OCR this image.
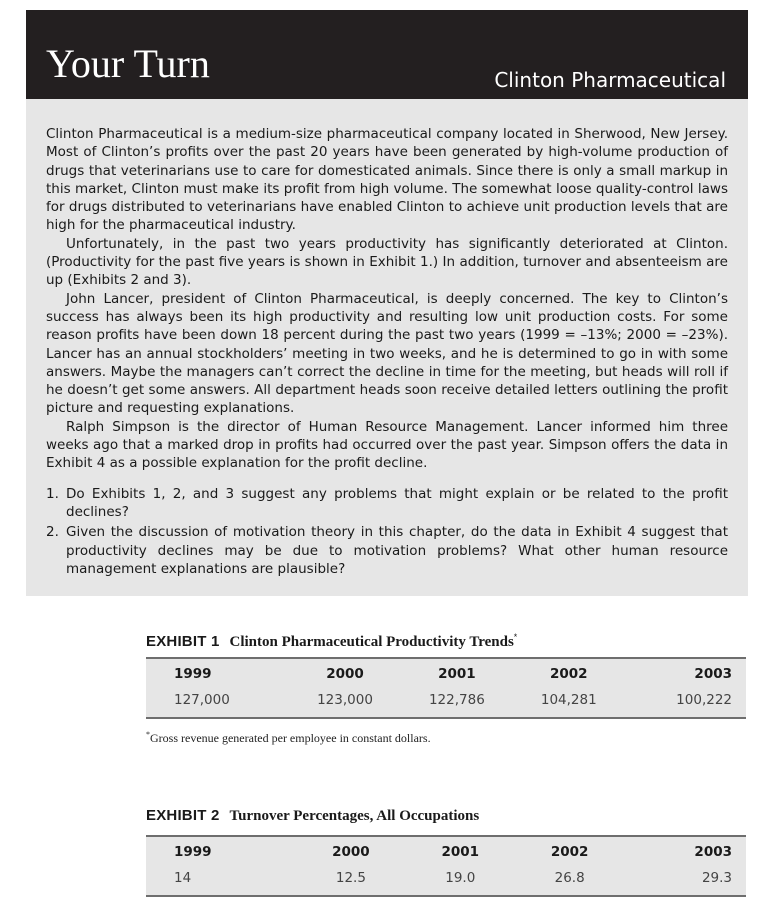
Your Turn	Clinton Pharmaceutical

Clinton Pharmaceutical is a medium-size pharmaceutical company located in Sherwood, New Jersey. Most of Clinton’s profits over the past 20 years have been generated by high-volume production of drugs that veterinarians use to care for domesticated animals. Since there is only a small markup in this market, Clinton must make its profit from high volume. The somewhat loose quality-control laws for drugs distributed to veterinarians have enabled Clinton to achieve unit production levels that are high for the pharmaceutical industry.

Unfortunately, in the past two years productivity has significantly deteriorated at Clinton. (Productivity for the past five years is shown in Exhibit 1.) In addition, turnover and absenteeism are up (Exhibits 2 and 3).

John Lancer, president of Clinton Pharmaceutical, is deeply concerned. The key to Clinton’s success has always been its high productivity and resulting low unit production costs. For some reason profits have been down 18 percent during the past two years (1999 = –13%; 2000 = –23%). Lancer has an annual stockholders’ meeting in two weeks, and he is determined to go in with some answers. Maybe the managers can’t correct the decline in time for the meeting, but heads will roll if he doesn’t get some answers. All department heads soon receive detailed letters outlining the profit picture and requesting explanations.

Ralph Simpson is the director of Human Resource Management. Lancer informed him three weeks ago that a marked drop in profits had occurred over the past year. Simpson offers the data in Exhibit 4 as a possible explanation for the profit decline.

1. Do Exhibits 1, 2, and 3 suggest any problems that might explain or be related to the profit declines?
2. Given the discussion of motivation theory in this chapter, do the data in Exhibit 4 suggest that productivity declines may be due to motivation problems? What other human resource management explanations are plausible?
EXHIBIT 1 Clinton Pharmaceutical Productivity Trends*
1999	2000	2001	2002	2003
127,000	123,000	122,786	104,281	100,222
*Gross revenue generated per employee in constant dollars.
EXHIBIT 2 Turnover Percentages, All Occupations
1999	2000	2001	2002	2003
14	12.5	19.0	26.8	29.3
